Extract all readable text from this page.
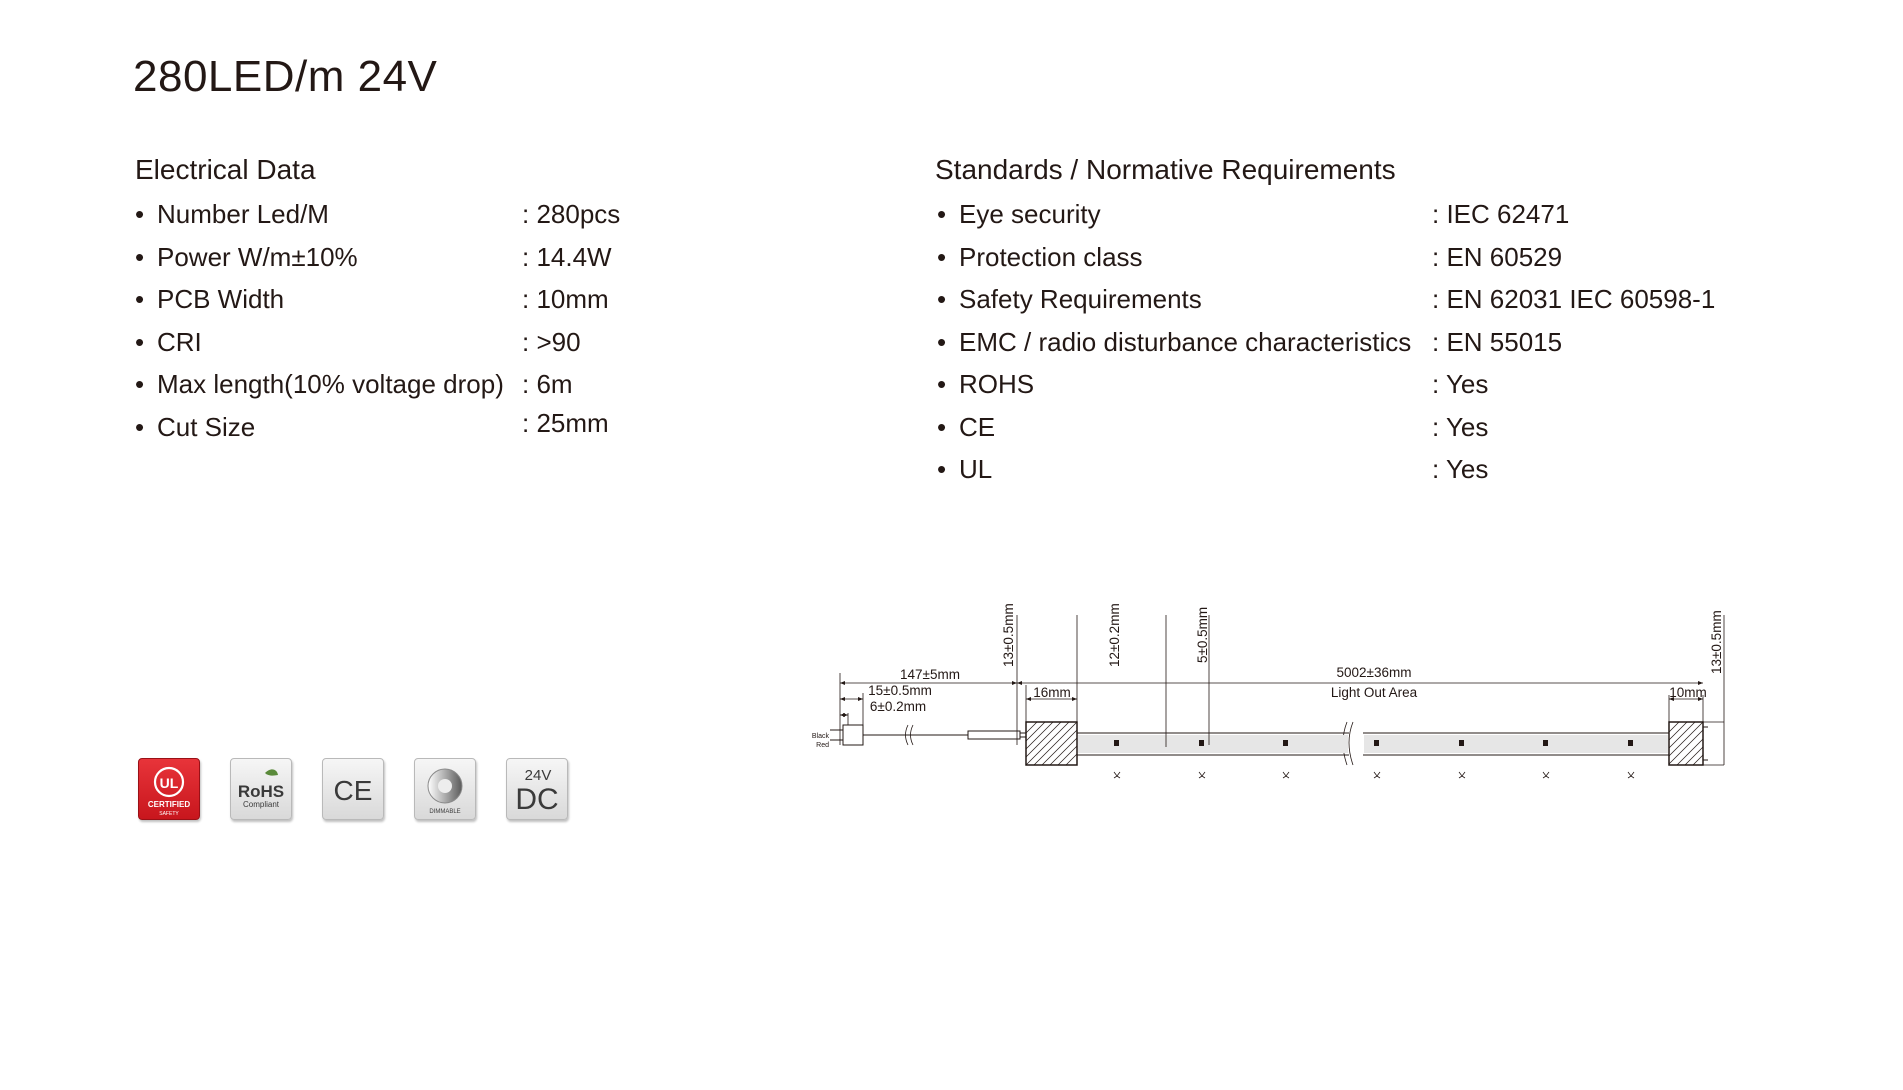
280LED/m 24V
Electrical Data
• Number Led/M	: 280pcs
• Power W/m±10%	: 14.4W
• PCB Width	: 10mm
• CRI	: >90
• Max length(10% voltage drop) : 6m
• Cut Size	: 25mm
Standards / Normative Requirements
• Eye security	: IEC 62471
• Protection class	: EN 60529
• Safety Requirements	: EN 62031 IEC 60598-1
• EMC / radio disturbance characteristics : EN 55015
• ROHS	: Yes
• CE	: Yes
• UL	: Yes
UL
CERTIFIED
SAFETY
RoHS
Compliant CE
DIMMABLE
24V
DC
147±5mm
15±0.5mm
6±0.2mm
Black
Red
13±0.5mm	12±0.2mm	5±0.5mm
16mm
5002±36mm
Light Out Area	10mm
13±0.5mm
